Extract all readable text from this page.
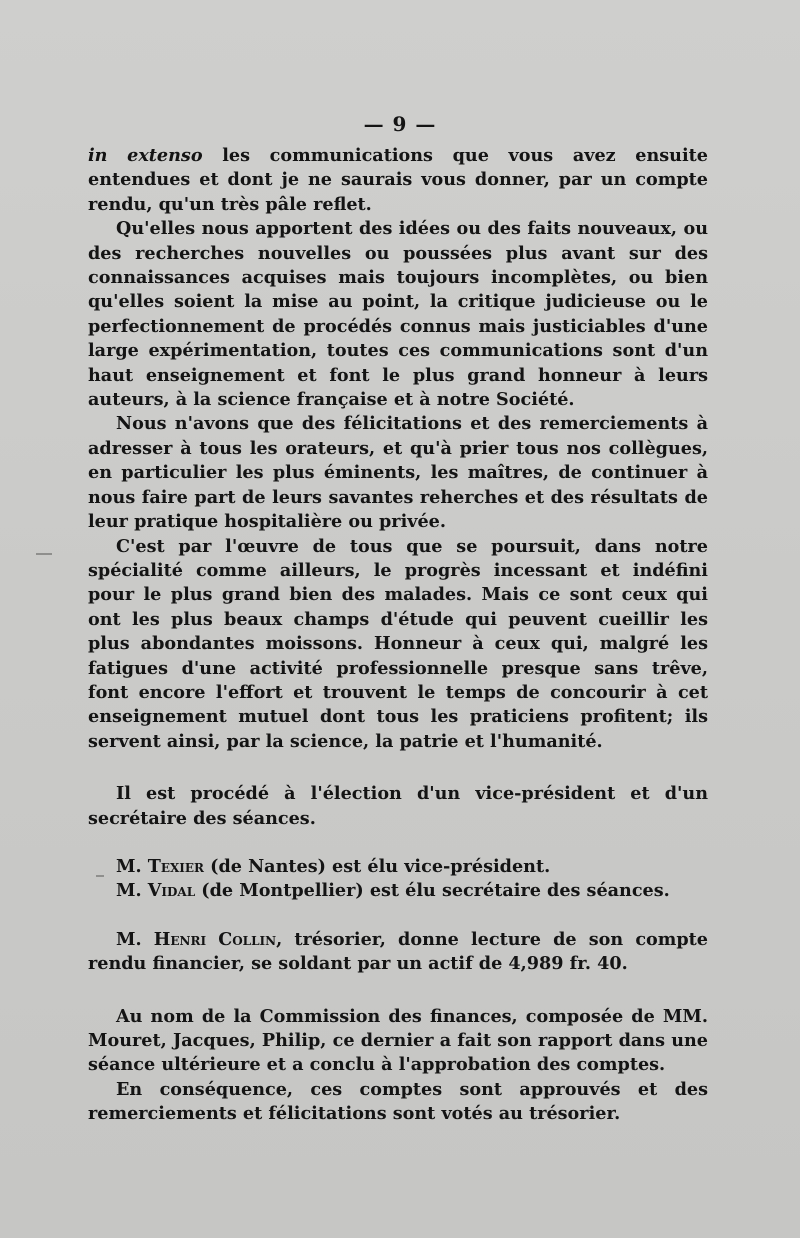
— 9 —

in extenso les communications que vous avez ensuite entendues et dont je ne saurais vous donner, par un compte rendu, qu'un très pâle reflet.

Qu'elles nous apportent des idées ou des faits nouveaux, ou des recherches nouvelles ou poussées plus avant sur des connaissances acquises mais toujours incomplètes, ou bien qu'elles soient la mise au point, la critique judicieuse ou le perfectionnement de procédés connus mais justiciables d'une large expérimentation, toutes ces communications sont d'un haut enseignement et font le plus grand honneur à leurs auteurs, à la science française et à notre Société.

Nous n'avons que des félicitations et des remerciements à adresser à tous les orateurs, et qu'à prier tous nos collègues, en particulier les plus éminents, les maîtres, de continuer à nous faire part de leurs savantes reherches et des résultats de leur pratique hospitalière ou privée.

C'est par l'œuvre de tous que se poursuit, dans notre spécialité comme ailleurs, le progrès incessant et indéfini pour le plus grand bien des malades. Mais ce sont ceux qui ont les plus beaux champs d'étude qui peuvent cueillir les plus abondantes moissons. Honneur à ceux qui, malgré les fatigues d'une activité professionnelle presque sans trêve, font encore l'effort et trouvent le temps de concourir à cet enseignement mutuel dont tous les praticiens profitent; ils servent ainsi, par la science, la patrie et l'humanité.

Il est procédé à l'élection d'un vice-président et d'un secrétaire des séances.

M. Texier (de Nantes) est élu vice-président.

M. Vidal (de Montpellier) est élu secrétaire des séances.

M. Henri Collin, trésorier, donne lecture de son compte rendu financier, se soldant par un actif de 4,989 fr. 40.

Au nom de la Commission des finances, composée de MM. Mouret, Jacques, Philip, ce dernier a fait son rapport dans une séance ultérieure et a conclu à l'approbation des comptes.

En conséquence, ces comptes sont approuvés et des remerciements et félicitations sont votés au trésorier.
